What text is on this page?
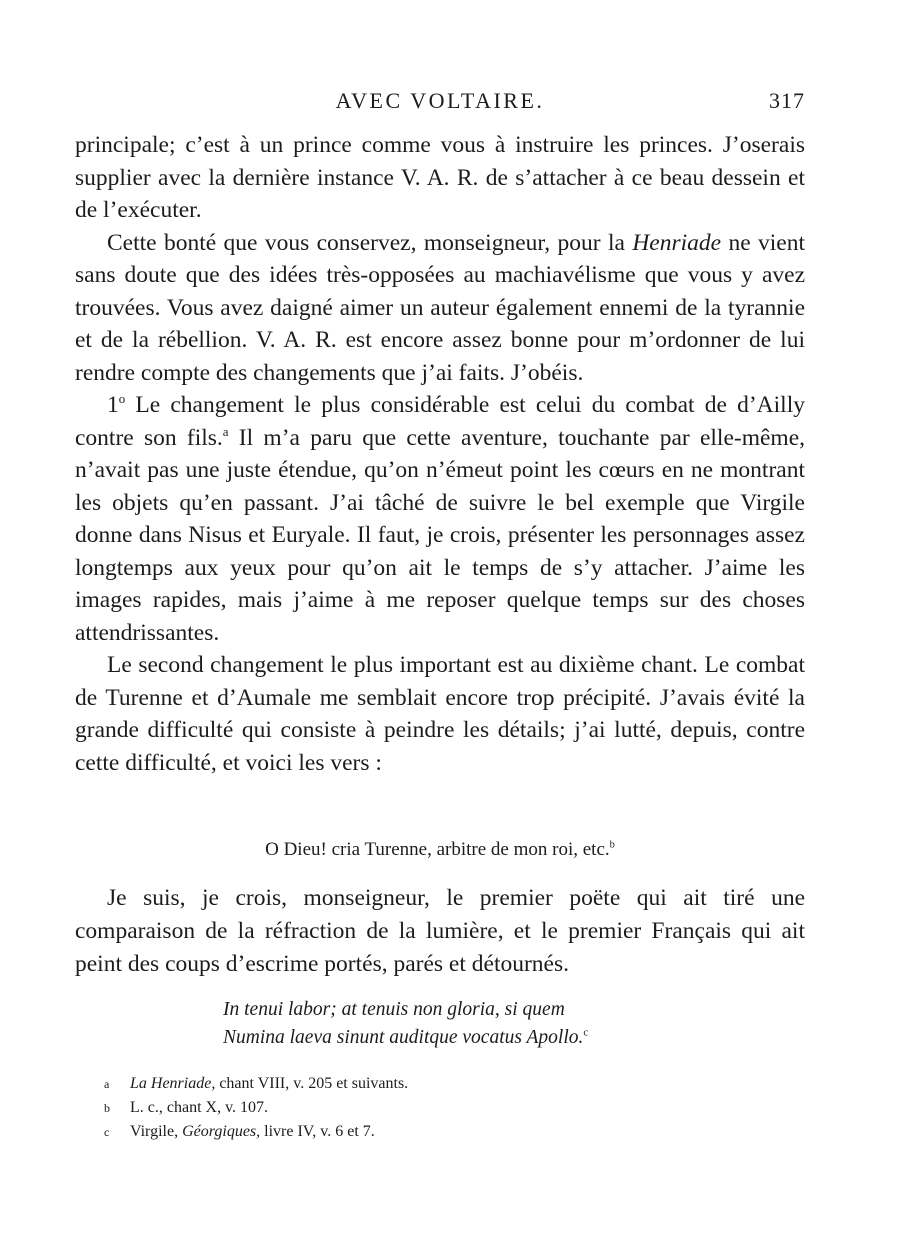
AVEC VOLTAIRE.	317

principale; c’est à un prince comme vous à instruire les princes. J’oserais supplier avec la dernière instance V. A. R. de s’attacher à ce beau dessein et de l’exécuter.

Cette bonté que vous conservez, monseigneur, pour la Henriade ne vient sans doute que des idées très-opposées au machiavélisme que vous y avez trouvées. Vous avez daigné aimer un auteur également ennemi de la tyrannie et de la rébellion. V. A. R. est encore assez bonne pour m’ordonner de lui rendre compte des changements que j’ai faits. J’obéis.

1$^o$ Le changement le plus considérable est celui du combat de d’Ailly contre son fils.$^a$ Il m’a paru que cette aventure, touchante par elle-même, n’avait pas une juste étendue, qu’on n’émeut point les cœurs en ne montrant les objets qu’en passant. J’ai tâché de suivre le bel exemple que Virgile donne dans Nisus et Euryale. Il faut, je crois, présenter les personnages assez longtemps aux yeux pour qu’on ait le temps de s’y attacher. J’aime les images rapides, mais j’aime à me reposer quelque temps sur des choses attendrissantes.

Le second changement le plus important est au dixième chant. Le combat de Turenne et d’Aumale me semblait encore trop précipité. J’avais évité la grande difficulté qui consiste à peindre les détails; j’ai lutté, depuis, contre cette difficulté, et voici les vers :

O Dieu! cria Turenne, arbitre de mon roi, etc.$^b$
Je suis, je crois, monseigneur, le premier poëte qui ait tiré une comparaison de la réfraction de la lumière, et le premier Français qui ait peint des coups d’escrime portés, parés et détournés.
In tenui labor; at tenuis non gloria, si quem
Numina laeva sinunt auditque vocatus Apollo.$^c$
a La Henriade, chant VIII, v. 205 et suivants.
b L. c., chant X, v. 107.
c Virgile, Géorgiques, livre IV, v. 6 et 7.
